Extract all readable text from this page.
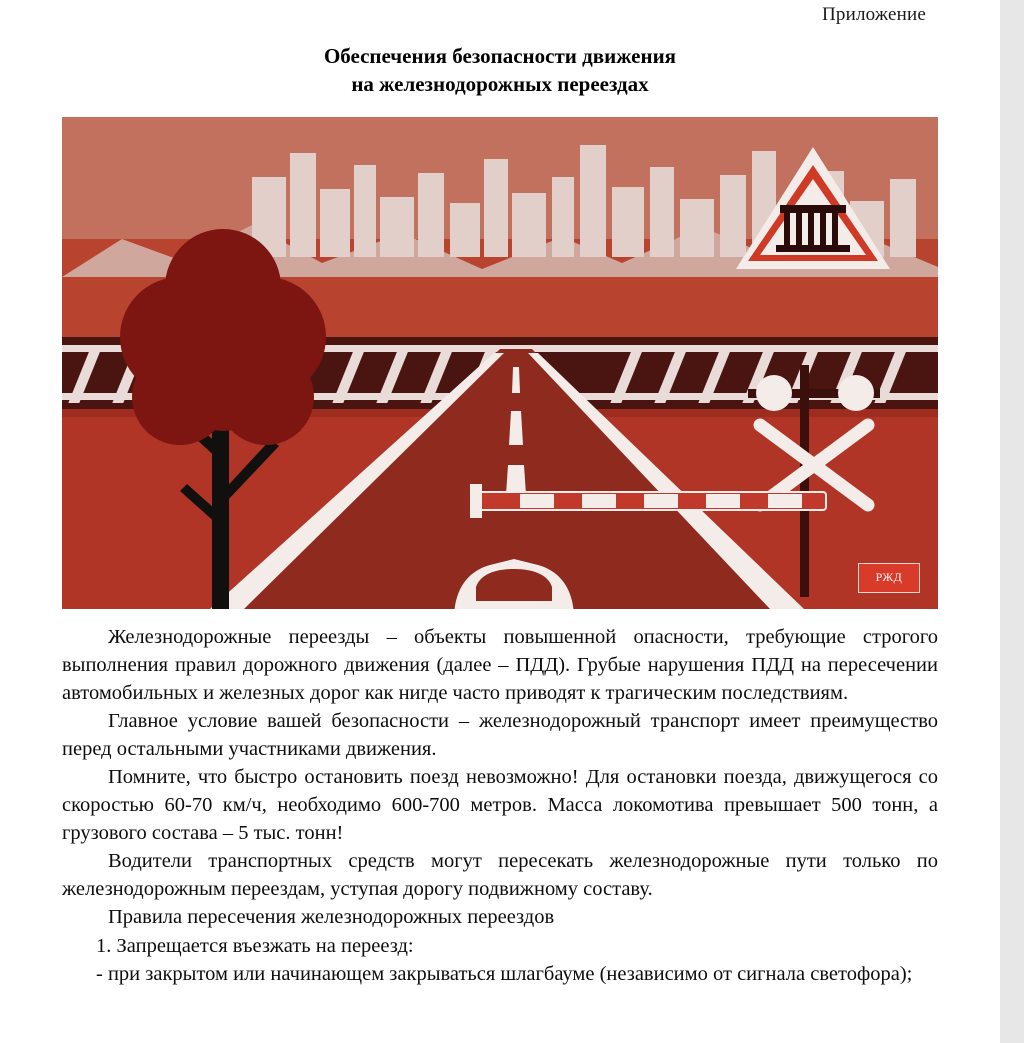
Приложение
Обеспечения безопасности движения
на железнодорожных переездах
РЖД

Железнодорожные переезды – объекты повышенной опасности, требующие строгого выполнения правил дорожного движения (далее – ПДД). Грубые нарушения ПДД на пересечении автомобильных и железных дорог как нигде часто приводят к трагическим последствиям.

Главное условие вашей безопасности – железнодорожный транспорт имеет преимущество перед остальными участниками движения.

Помните, что быстро остановить поезд невозможно! Для остановки поезда, движущегося со скоростью 60-70 км/ч, необходимо 600-700 метров. Масса локомотива превышает 500 тонн, а грузового состава – 5 тыс. тонн!

Водители транспортных средств могут пересекать железнодорожные пути только по железнодорожным переездам, уступая дорогу подвижному составу.

Правила пересечения железнодорожных переездов

1. Запрещается въезжать на переезд:

- при закрытом или начинающем закрываться шлагбауме (независимо от сигнала светофора);
